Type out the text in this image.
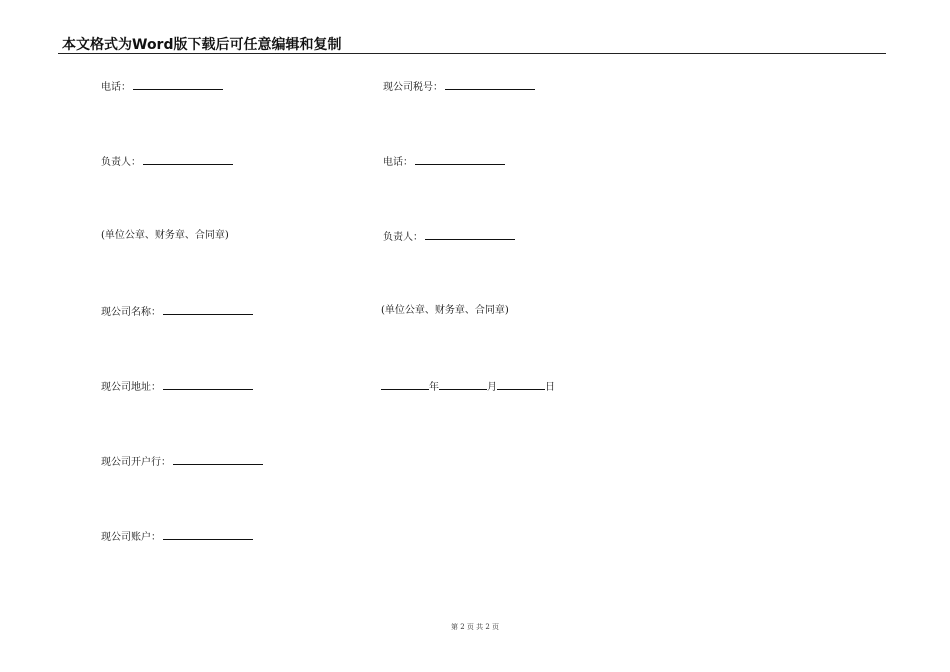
本文格式为Word版下载后可任意编辑和复制
电话：
负责人：
(单位公章、财务章、合同章)
现公司名称：
现公司地址：
现公司开户行：
现公司账户：
现公司税号：
电话：
负责人：
(单位公章、财务章、合同章)
年	月	日
第 2 页 共 2 页
